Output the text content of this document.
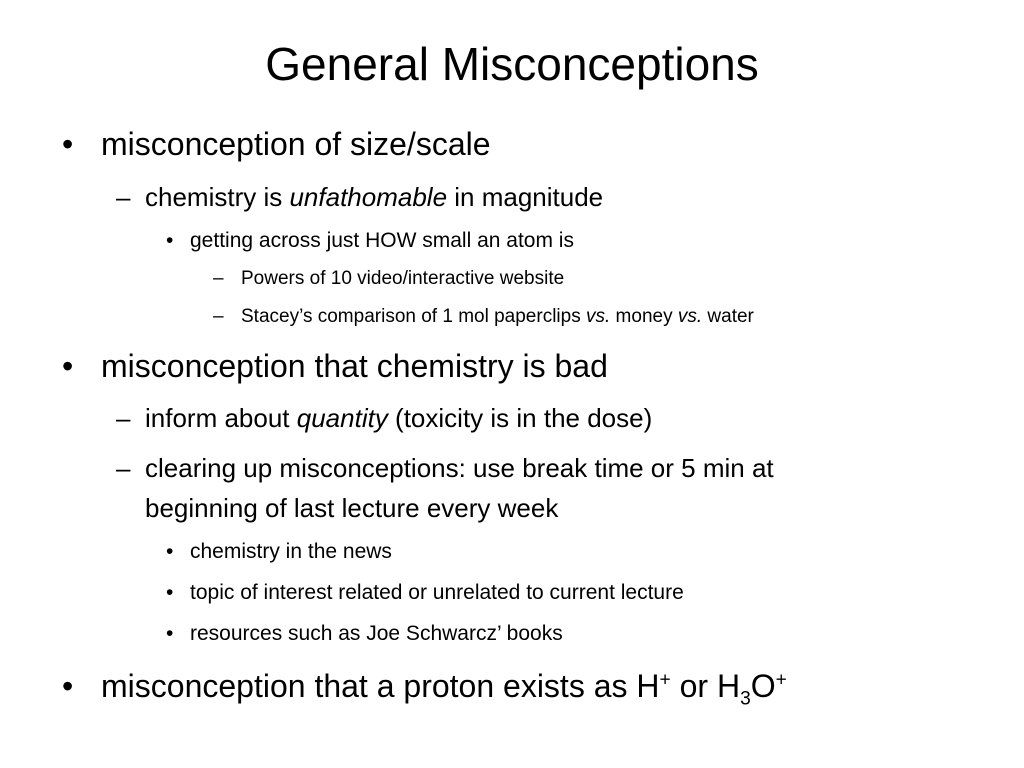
General Misconceptions
• misconception of size/scale
– chemistry is unfathomable in magnitude
• getting across just HOW small an atom is
– Powers of 10 video/interactive website
– Stacey’s comparison of 1 mol paperclips vs. money vs. water
• misconception that chemistry is bad
– inform about quantity (toxicity is in the dose)
– clearing up misconceptions: use break time or 5 min at
beginning of last lecture every week
• chemistry in the news
• topic of interest related or unrelated to current lecture
• resources such as Joe Schwarcz’ books
• misconception that a proton exists as H+ or $H_3O^+$
